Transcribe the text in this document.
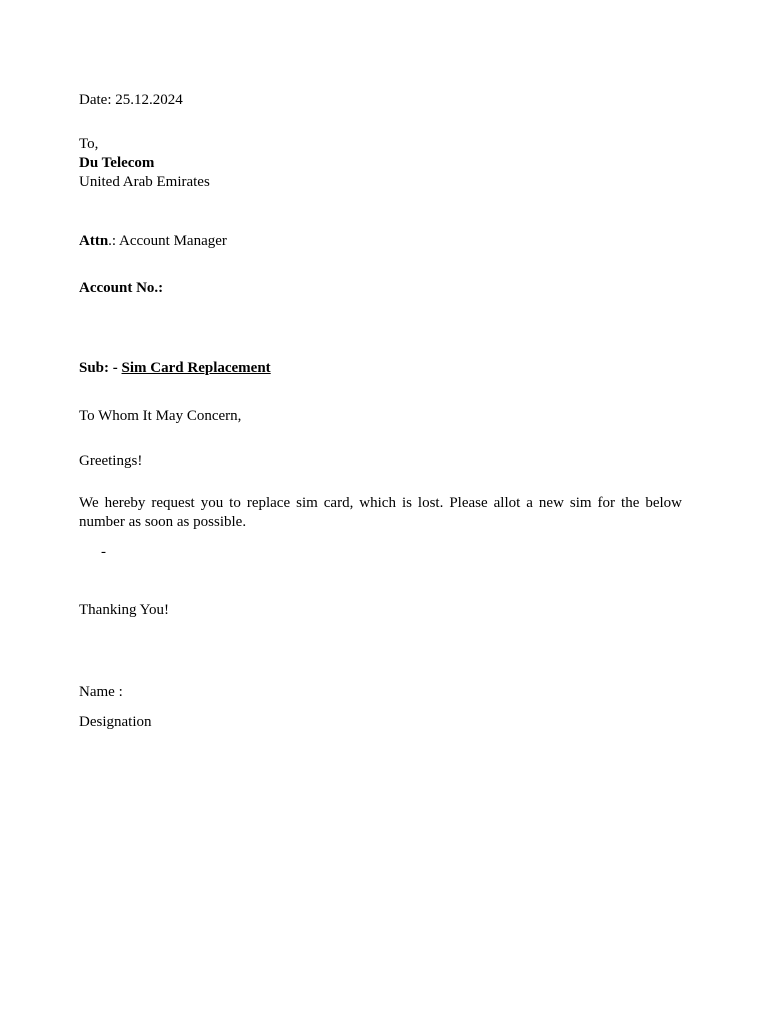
Date: 25.12.2024
To,
Du Telecom
United Arab Emirates
Attn.: Account Manager
Account No.:
Sub: - Sim Card Replacement
To Whom It May Concern,
Greetings!
We hereby request you to replace sim card, which is lost. Please allot a new sim for the below
number as soon as possible.
-
Thanking You!
Name :
Designation
